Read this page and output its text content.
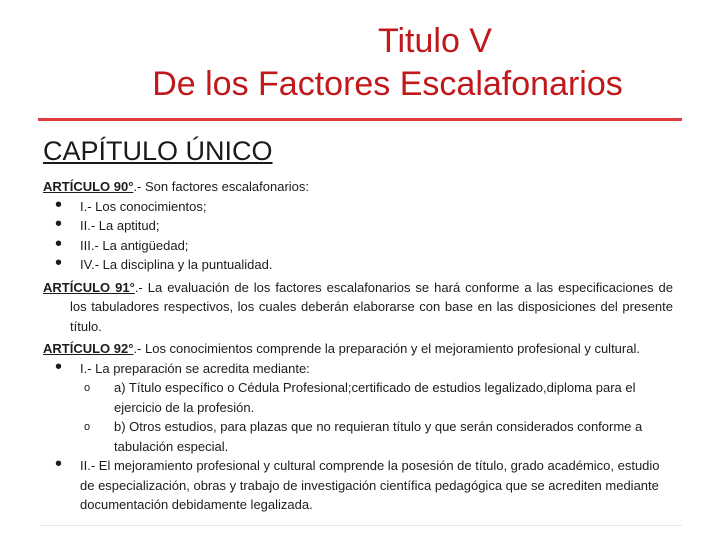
Titulo V
De los Factores Escalafonarios
CAPÍTULO ÚNICO

ARTÍCULO 90°.- Son factores escalafonarios:

• I.- Los conocimientos;
• II.- La aptitud;
• III.- La antigüedad;
• IV.- La disciplina y la puntualidad.

ARTÍCULO 91°.- La evaluación de los factores escalafonarios se hará conforme a las especificaciones de los tabuladores respectivos, los cuales deberán elaborarse con base en las disposiciones del presente título.

ARTÍCULO 92°.- Los conocimientos comprende la preparación y el mejoramiento profesional y cultural.

• I.- La preparación se acredita mediante:
o a) Título específico o Cédula Profesional;certificado de estudios legalizado,diploma para el ejercicio de la profesión.
o b) Otros estudios, para plazas que no requieran título y que serán considerados conforme a tabulación especial.
• II.- El mejoramiento profesional y cultural comprende la posesión de título, grado académico, estudio de especialización, obras y trabajo de investigación científica pedagógica que se acrediten mediante documentación debidamente legalizada.
